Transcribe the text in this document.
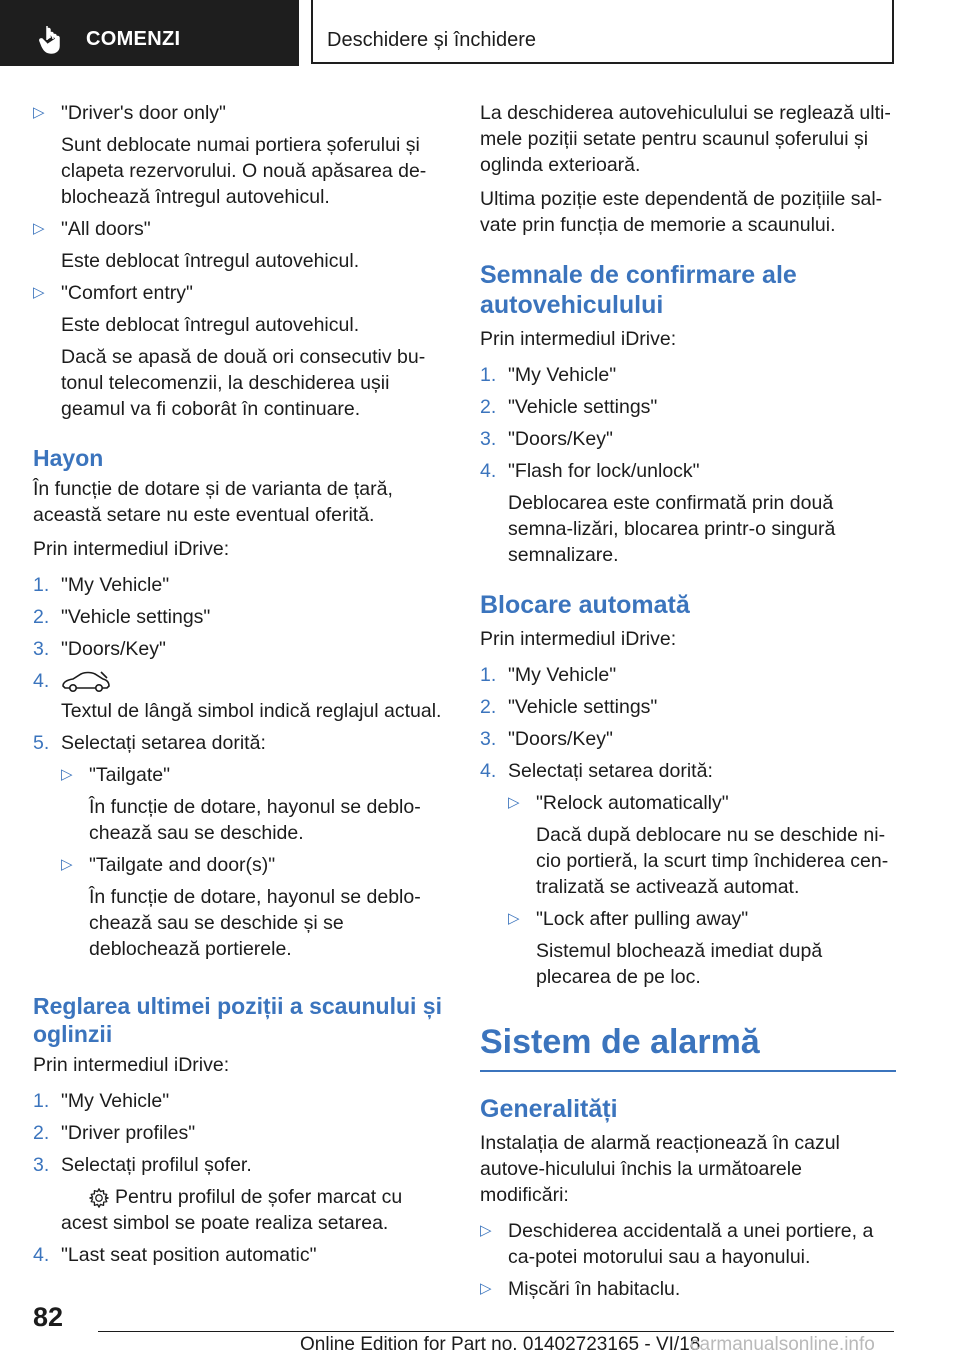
COMENZI	Deschidere și închidere
▷ "Driver's door only"

Sunt deblocate numai portiera șoferului și clapeta rezervorului. O nouă apăsarea de-blochează întregul autovehicul.

▷ "All doors"

Este deblocat întregul autovehicul.

▷ "Comfort entry"

Este deblocat întregul autovehicul.

Dacă se apasă de două ori consecutiv bu-tonul telecomenzii, la deschiderea ușii geamul va fi coborât în continuare.

Hayon

În funcție de dotare și de varianta de țară, această setare nu este eventual oferită.

Prin intermediul iDrive:

1. "My Vehicle"

2. "Vehicle settings"

3. "Doors/Key"

4.

Textul de lângă simbol indică reglajul actual.

5. Selectați setarea dorită:

▷ "Tailgate"

În funcție de dotare, hayonul se deblo-chează sau se deschide.

▷ "Tailgate and door(s)"

În funcție de dotare, hayonul se deblo-chează sau se deschide și se deblochează portierele.

Reglarea ultimei poziții a scaunului și oglinzii

Prin intermediul iDrive:

1. "My Vehicle"

2. "Driver profiles"

3. Selectați profilul șofer.

Pentru profilul de șofer marcat cu acest simbol se poate realiza setarea.

4. "Last seat position automatic"

La deschiderea autovehiculului se reglează ulti-mele poziții setate pentru scaunul șoferului și oglinda exterioară.

Ultima poziție este dependentă de pozițiile sal-vate prin funcția de memorie a scaunului.

Semnale de confirmare ale autovehiculului

Prin intermediul iDrive:

1. "My Vehicle"

2. "Vehicle settings"

3. "Doors/Key"

4. "Flash for lock/unlock"

Deblocarea este confirmată prin două semna-lizări, blocarea printr-o singură semnalizare.

Blocare automată

Prin intermediul iDrive:

1. "My Vehicle"

2. "Vehicle settings"

3. "Doors/Key"

4. Selectați setarea dorită:

▷ "Relock automatically"

Dacă după deblocare nu se deschide ni-cio portieră, la scurt timp închiderea cen-tralizată se activează automat.

▷ "Lock after pulling away"

Sistemul blochează imediat după plecarea de pe loc.

Sistem de alarmă
Generalități

Instalația de alarmă reacționează în cazul autove-hiculului închis la următoarele modificări:

▷ Deschiderea accidentală a unei portiere, a ca-potei motorului sau a hayonului.

▷ Mișcări în habitaclu.

82
Online Edition for Part no. 01402723165 - VI/18
carmanualsonline.info
